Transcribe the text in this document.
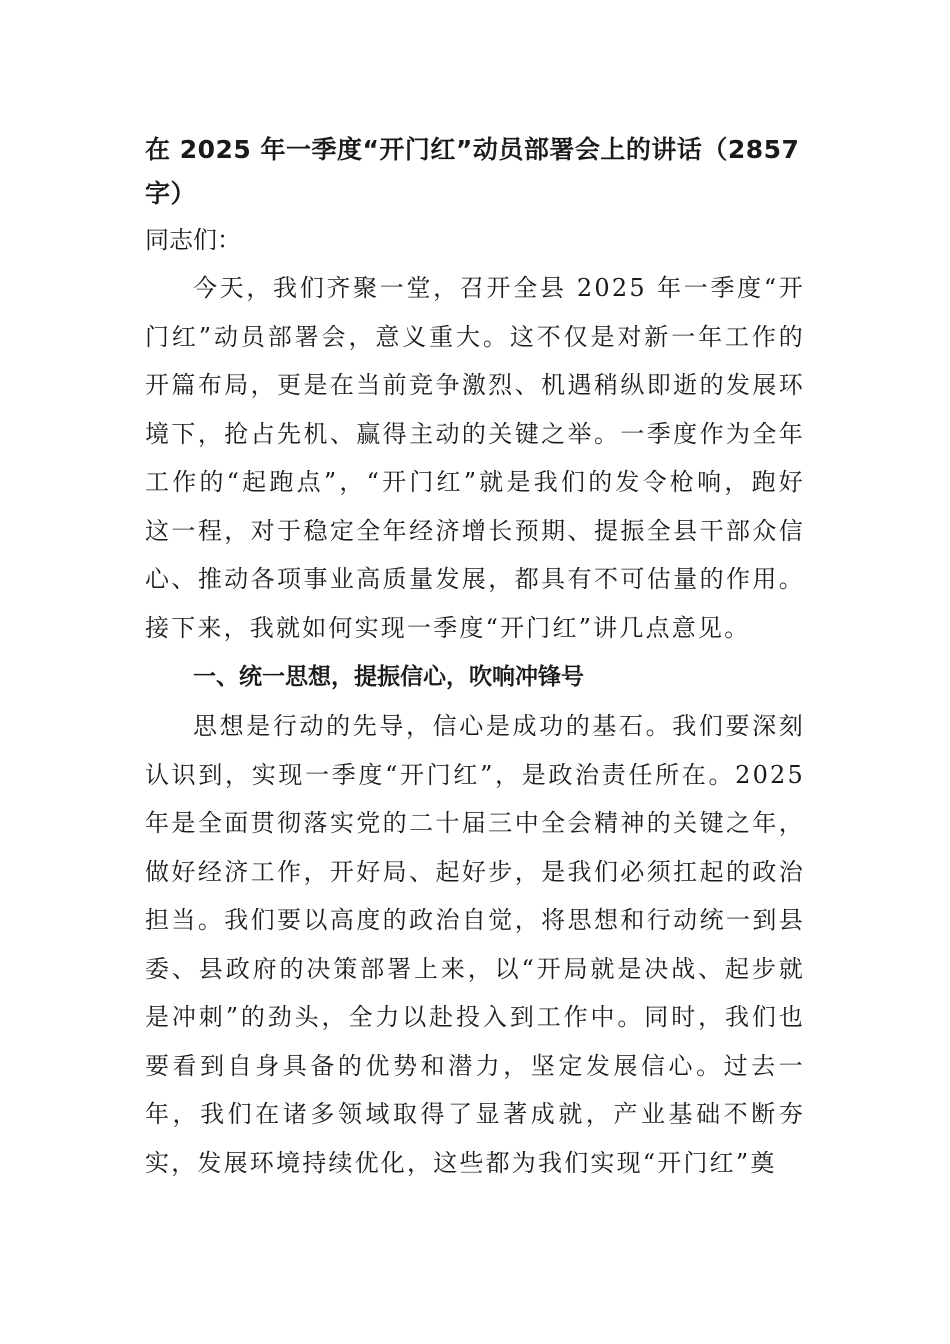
在 2025 年一季度“开门红”动员部署会上的讲话（2857字）

同志们：

今天，我们齐聚一堂，召开全县 2025 年一季度“开门红”动员部署会，意义重大。这不仅是对新一年工作的开篇布局，更是在当前竞争激烈、机遇稍纵即逝的发展环境下，抢占先机、赢得主动的关键之举。一季度作为全年工作的“起跑点”，“开门红”就是我们的发令枪响，跑好这一程，对于稳定全年经济增长预期、提振全县干部众信心、推动各项事业高质量发展，都具有不可估量的作用。接下来，我就如何实现一季度“开门红”讲几点意见。

一、统一思想，提振信心，吹响冲锋号

思想是行动的先导，信心是成功的基石。我们要深刻认识到，实现一季度“开门红”，是政治责任所在。2025 年是全面贯彻落实党的二十届三中全会精神的关键之年，做好经济工作，开好局、起好步，是我们必须扛起的政治担当。我们要以高度的政治自觉，将思想和行动统一到县委、县政府的决策部署上来，以“开局就是决战、起步就是冲刺”的劲头，全力以赴投入到工作中。同时，我们也要看到自身具备的优势和潜力，坚定发展信心。过去一年，我们在诸多领域取得了显著成就，产业基础不断夯实，发展环境持续优化，这些都为我们实现“开门红”奠
